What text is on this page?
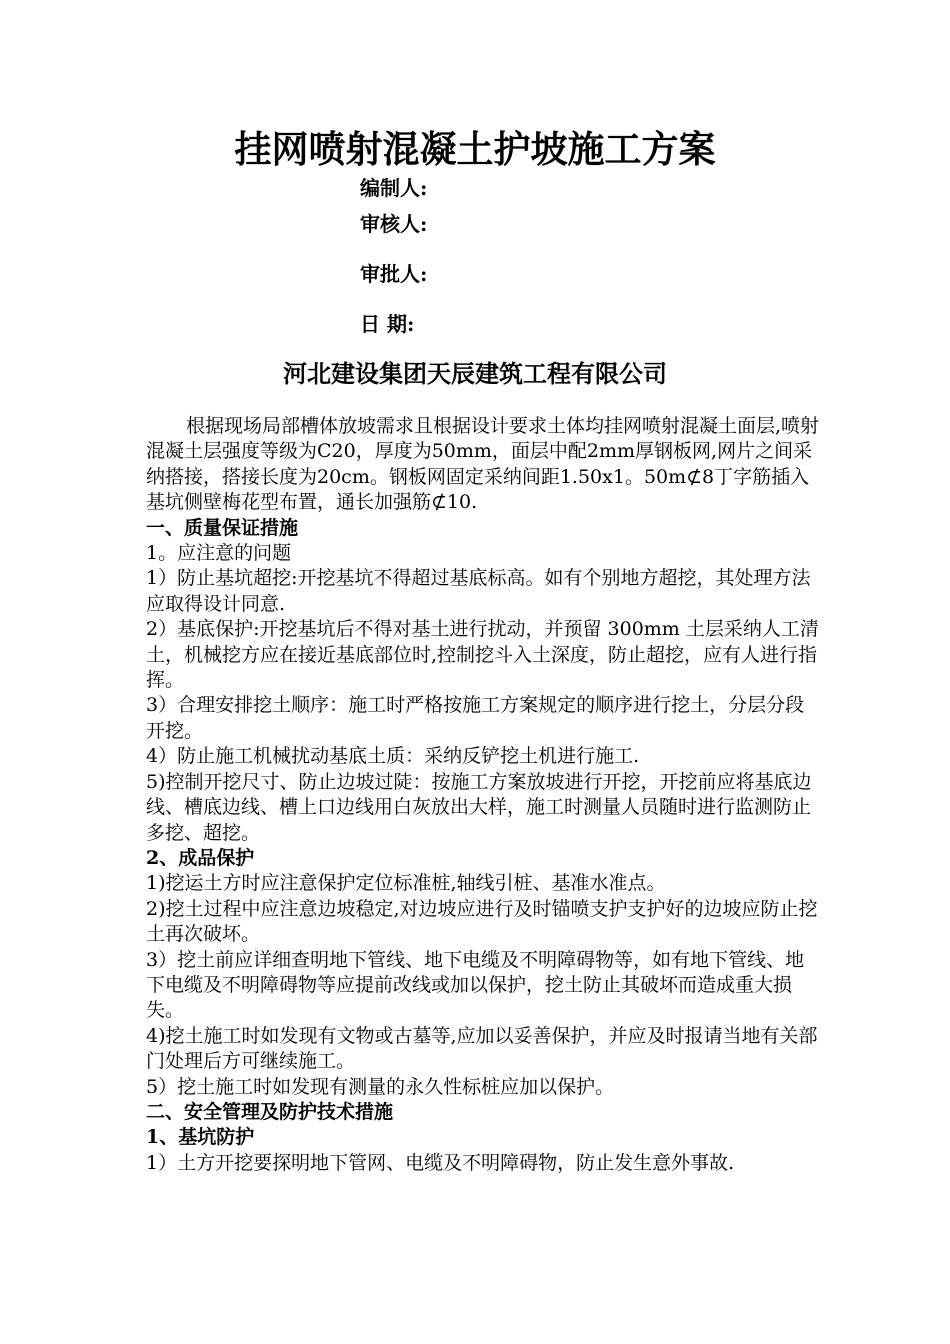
挂网喷射混凝土护坡施工方案
编制人:
审核人:
审批人:
日 期:
河北建设集团天辰建筑工程有限公司

根据现场局部槽体放坡需求且根据设计要求土体均挂网喷射混凝土面层,喷射混凝土层强度等级为C20，厚度为50mm，面层中配2mm厚钢板网,网片之间采纳搭接，搭接长度为20cm。钢板网固定采纳间距1.50x1。50m⊄8丁字筋插入基坑侧壁梅花型布置，通长加强筋⊄10.

一、质量保证措施

1。应注意的问题

1）防止基坑超挖:开挖基坑不得超过基底标高。如有个别地方超挖，其处理方法应取得设计同意.

2）基底保护:开挖基坑后不得对基土进行扰动，并预留 300mm 土层采纳人工清土，机械挖方应在接近基底部位时,控制挖斗入土深度，防止超挖，应有人进行指挥。

3）合理安排挖土顺序：施工时严格按施工方案规定的顺序进行挖土，分层分段开挖。

4）防止施工机械扰动基底土质：采纳反铲挖土机进行施工.

5)控制开挖尺寸、防止边坡过陡：按施工方案放坡进行开挖，开挖前应将基底边线、槽底边线、槽上口边线用白灰放出大样，施工时测量人员随时进行监测防止多挖、超挖。

2、成品保护

1)挖运土方时应注意保护定位标准桩,轴线引桩、基准水准点。

2)挖土过程中应注意边坡稳定,对边坡应进行及时锚喷支护支护好的边坡应防止挖土再次破坏。

3）挖土前应详细查明地下管线、地下电缆及不明障碍物等，如有地下管线、地下电缆及不明障碍物等应提前改线或加以保护，挖土防止其破坏而造成重大损失。

4)挖土施工时如发现有文物或古墓等,应加以妥善保护，并应及时报请当地有关部门处理后方可继续施工。

5）挖土施工时如发现有测量的永久性标桩应加以保护。

二、安全管理及防护技术措施

1、基坑防护

1）土方开挖要探明地下管网、电缆及不明障碍物，防止发生意外事故.
